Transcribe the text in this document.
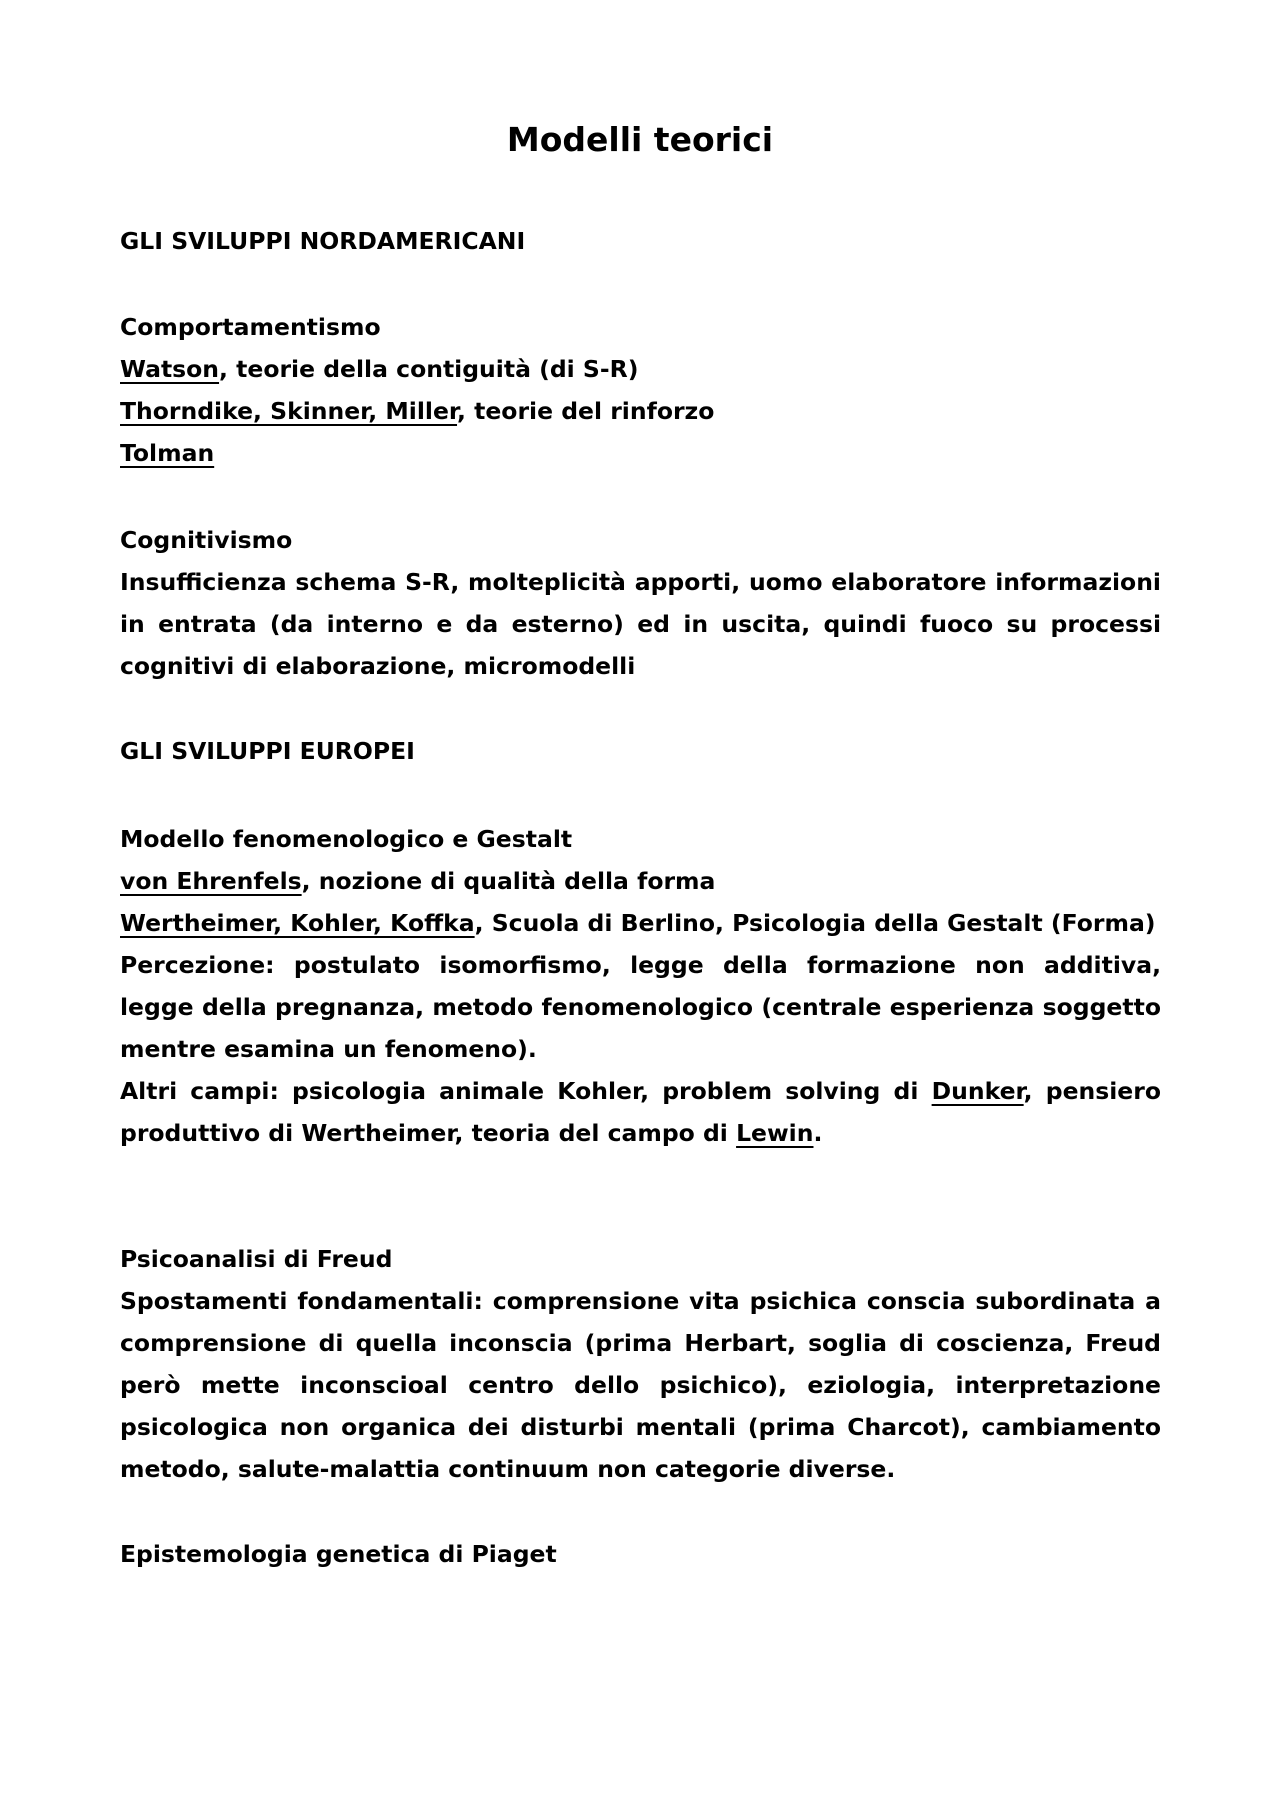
Modelli teorici
GLI SVILUPPI NORDAMERICANI
Comportamentismo
Watson, teorie della contiguità (di S-R)
Thorndike, Skinner, Miller, teorie del rinforzo
Tolman
Cognitivismo
Insufficienza schema S-R, molteplicità apporti, uomo elaboratore informazioni in entrata (da interno e da esterno) ed in uscita, quindi fuoco su processi cognitivi di elaborazione, micromodelli
GLI SVILUPPI EUROPEI
Modello fenomenologico e Gestalt
von Ehrenfels, nozione di qualità della forma
Wertheimer, Kohler, Koffka, Scuola di Berlino, Psicologia della Gestalt (Forma)
Percezione: postulato isomorfismo, legge della formazione non additiva, legge della pregnanza, metodo fenomenologico (centrale esperienza soggetto mentre esamina un fenomeno).
Altri campi: psicologia animale Kohler, problem solving di Dunker, pensiero produttivo di Wertheimer, teoria del campo di Lewin.
Psicoanalisi di Freud
Spostamenti fondamentali: comprensione vita psichica conscia subordinata a comprensione di quella inconscia (prima Herbart, soglia di coscienza, Freud però mette inconscioal centro dello psichico), eziologia, interpretazione psicologica non organica dei disturbi mentali (prima Charcot), cambiamento metodo, salute-malattia continuum non categorie diverse.
Epistemologia genetica di Piaget
